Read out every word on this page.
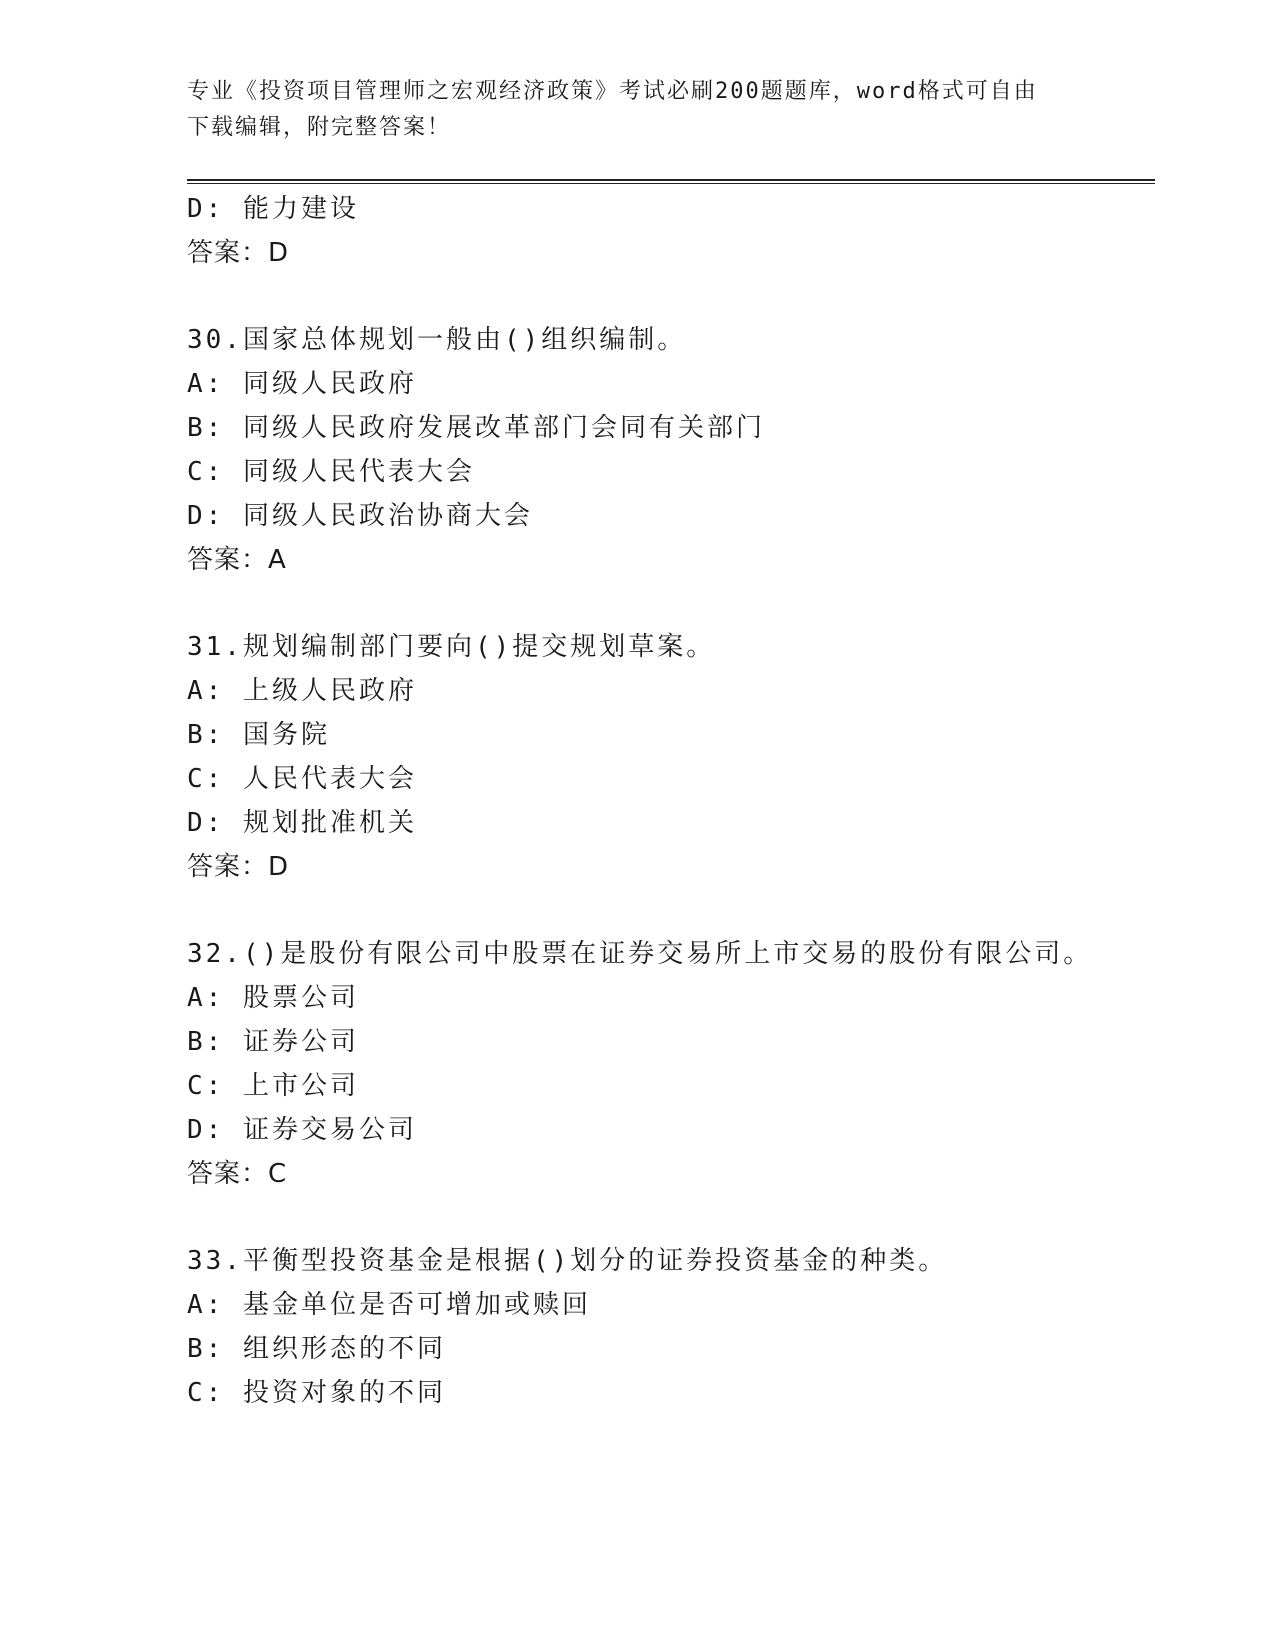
专业《投资项目管理师之宏观经济政策》考试必刷200题题库，word格式可自由
下载编辑，附完整答案！
D: 能力建设
答案：D
30.国家总体规划一般由()组织编制。
A: 同级人民政府
B: 同级人民政府发展改革部门会同有关部门
C: 同级人民代表大会
D: 同级人民政治协商大会
答案：A
31.规划编制部门要向()提交规划草案。
A: 上级人民政府
B: 国务院
C: 人民代表大会
D: 规划批准机关
答案：D
32.()是股份有限公司中股票在证券交易所上市交易的股份有限公司。
A: 股票公司
B: 证券公司
C: 上市公司
D: 证券交易公司
答案：C
33.平衡型投资基金是根据()划分的证券投资基金的种类。
A: 基金单位是否可增加或赎回
B: 组织形态的不同
C: 投资对象的不同
